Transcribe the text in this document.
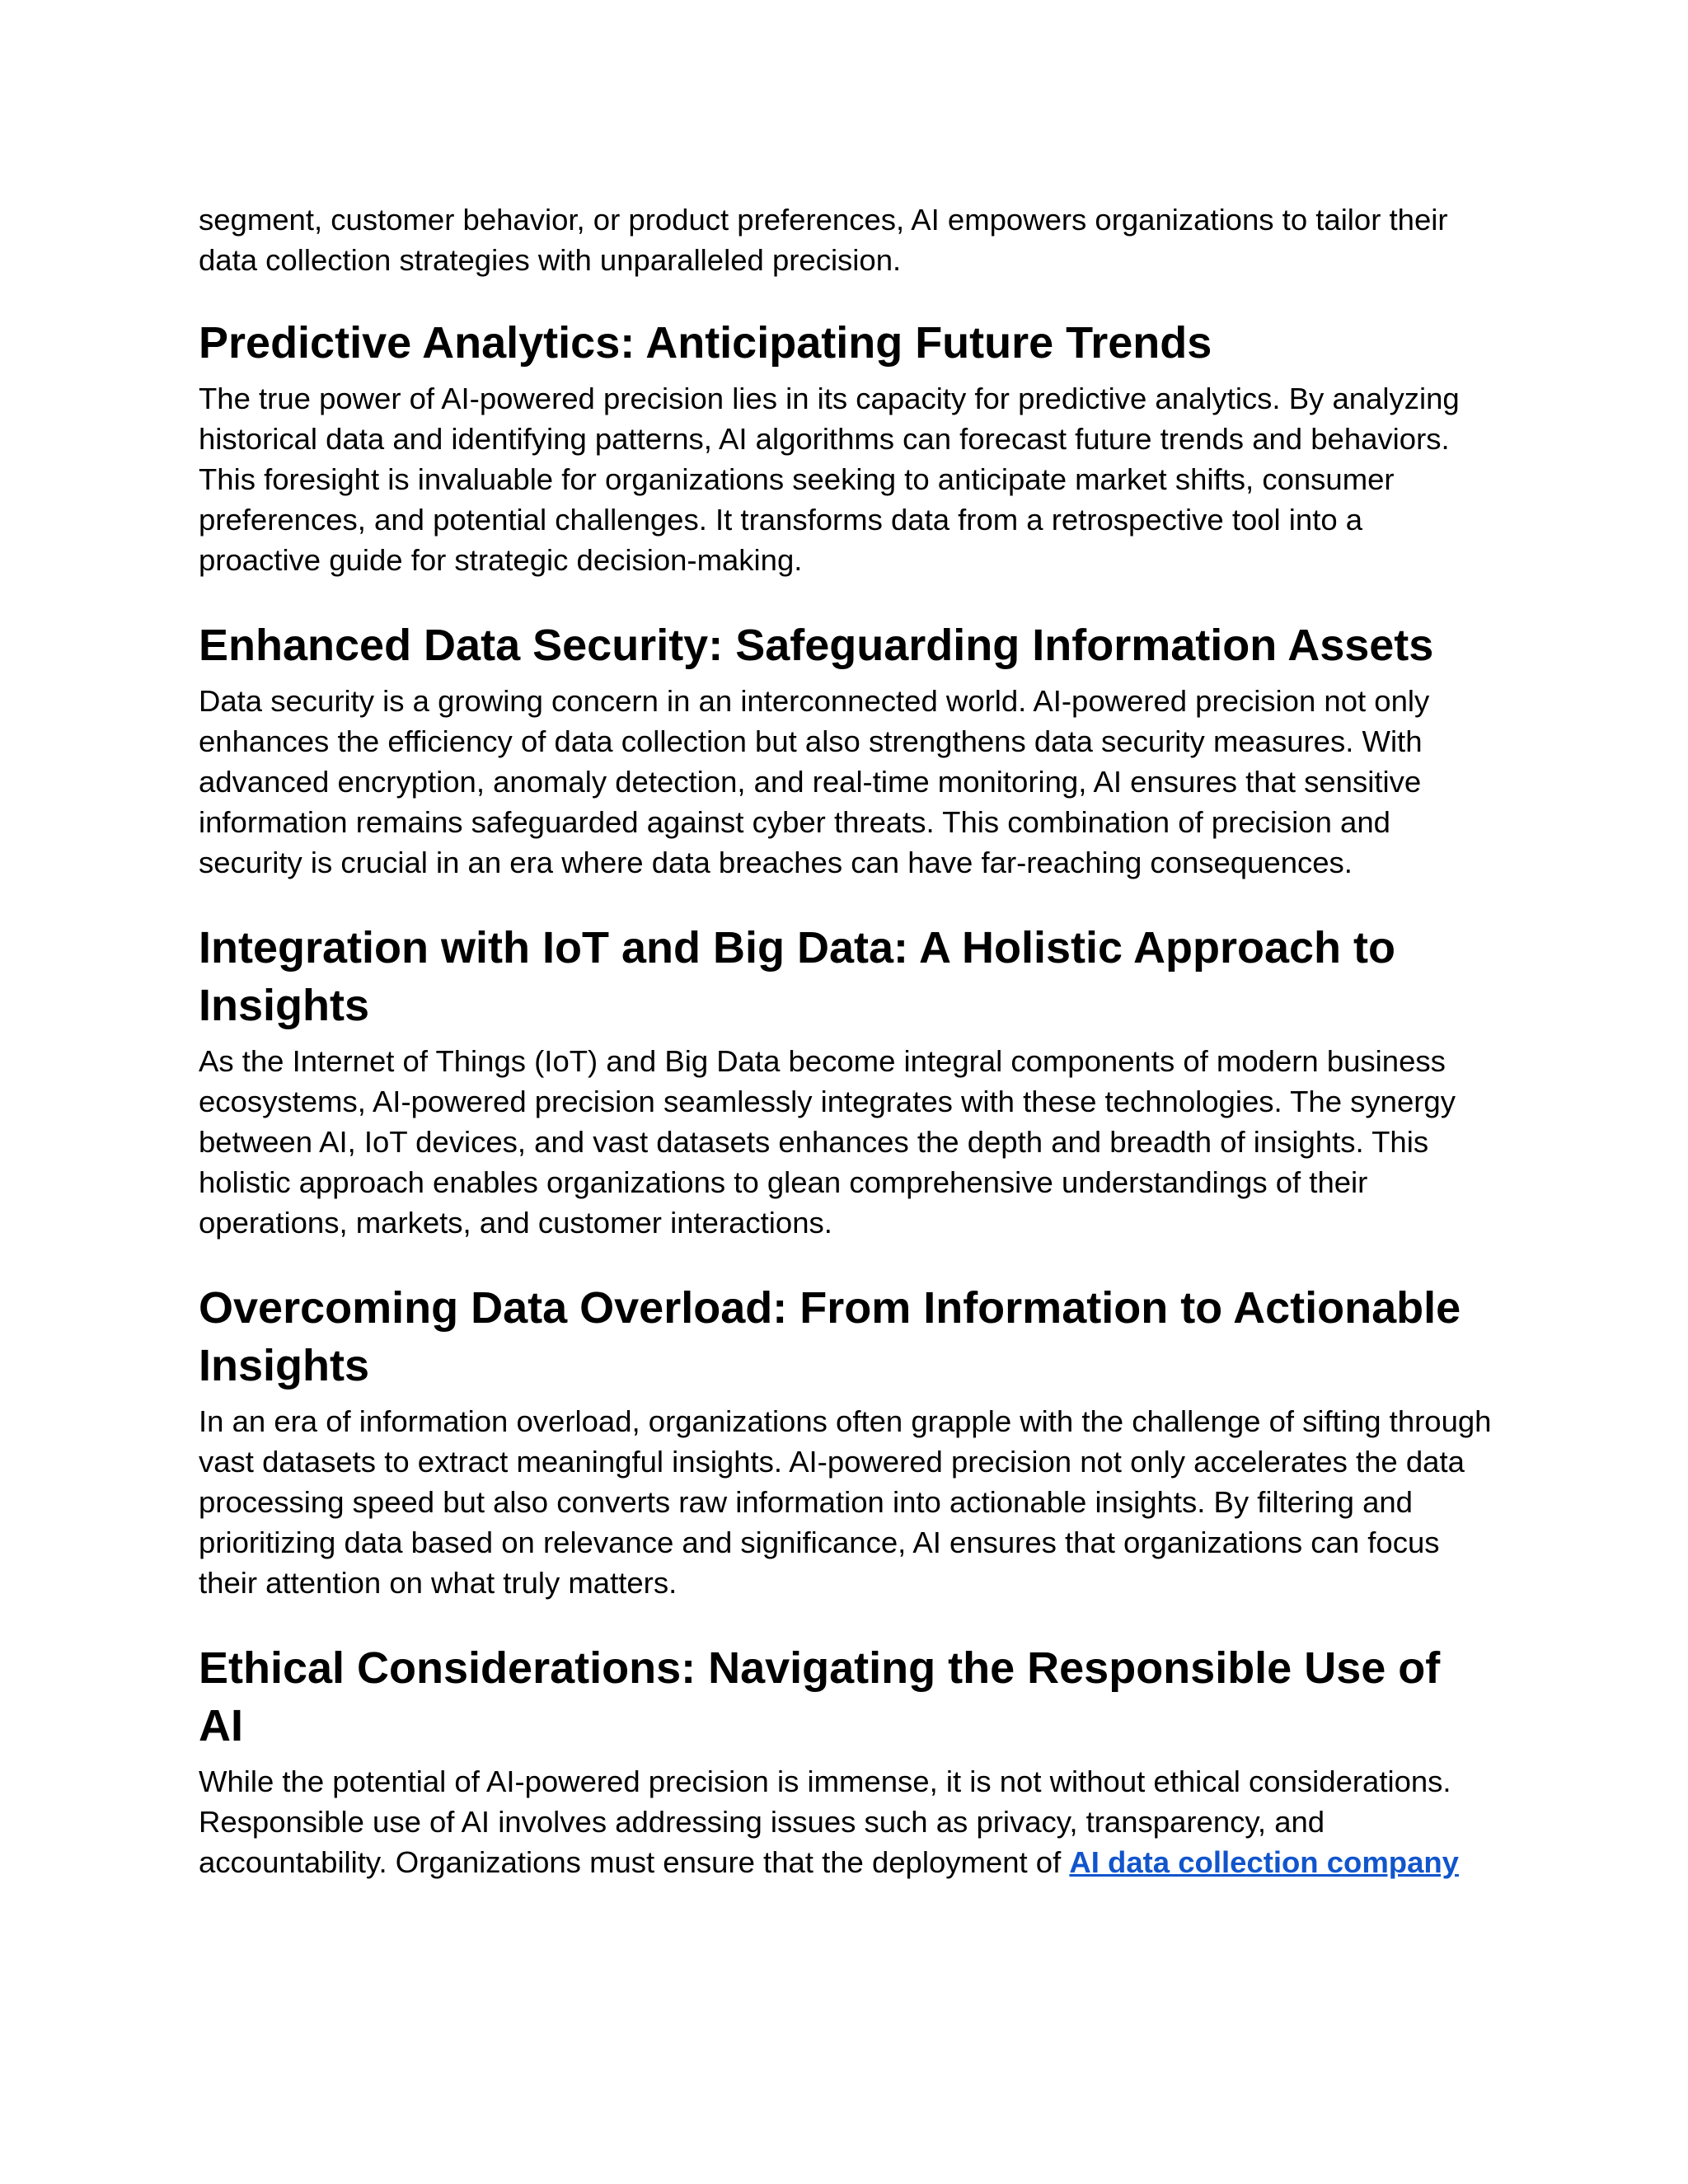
segment, customer behavior, or product preferences, AI empowers organizations to tailor their data collection strategies with unparalleled precision.

Predictive Analytics: Anticipating Future Trends

The true power of AI-powered precision lies in its capacity for predictive analytics. By analyzing historical data and identifying patterns, AI algorithms can forecast future trends and behaviors. This foresight is invaluable for organizations seeking to anticipate market shifts, consumer preferences, and potential challenges. It transforms data from a retrospective tool into a proactive guide for strategic decision-making.

Enhanced Data Security: Safeguarding Information Assets

Data security is a growing concern in an interconnected world. AI-powered precision not only enhances the efficiency of data collection but also strengthens data security measures. With advanced encryption, anomaly detection, and real-time monitoring, AI ensures that sensitive information remains safeguarded against cyber threats. This combination of precision and security is crucial in an era where data breaches can have far-reaching consequences.

Integration with IoT and Big Data: A Holistic Approach to Insights

As the Internet of Things (IoT) and Big Data become integral components of modern business ecosystems, AI-powered precision seamlessly integrates with these technologies. The synergy between AI, IoT devices, and vast datasets enhances the depth and breadth of insights. This holistic approach enables organizations to glean comprehensive understandings of their operations, markets, and customer interactions.

Overcoming Data Overload: From Information to Actionable Insights

In an era of information overload, organizations often grapple with the challenge of sifting through vast datasets to extract meaningful insights. AI-powered precision not only accelerates the data processing speed but also converts raw information into actionable insights. By filtering and prioritizing data based on relevance and significance, AI ensures that organizations can focus their attention on what truly matters.

Ethical Considerations: Navigating the Responsible Use of AI

While the potential of AI-powered precision is immense, it is not without ethical considerations. Responsible use of AI involves addressing issues such as privacy, transparency, and accountability. Organizations must ensure that the deployment of AI data collection company
